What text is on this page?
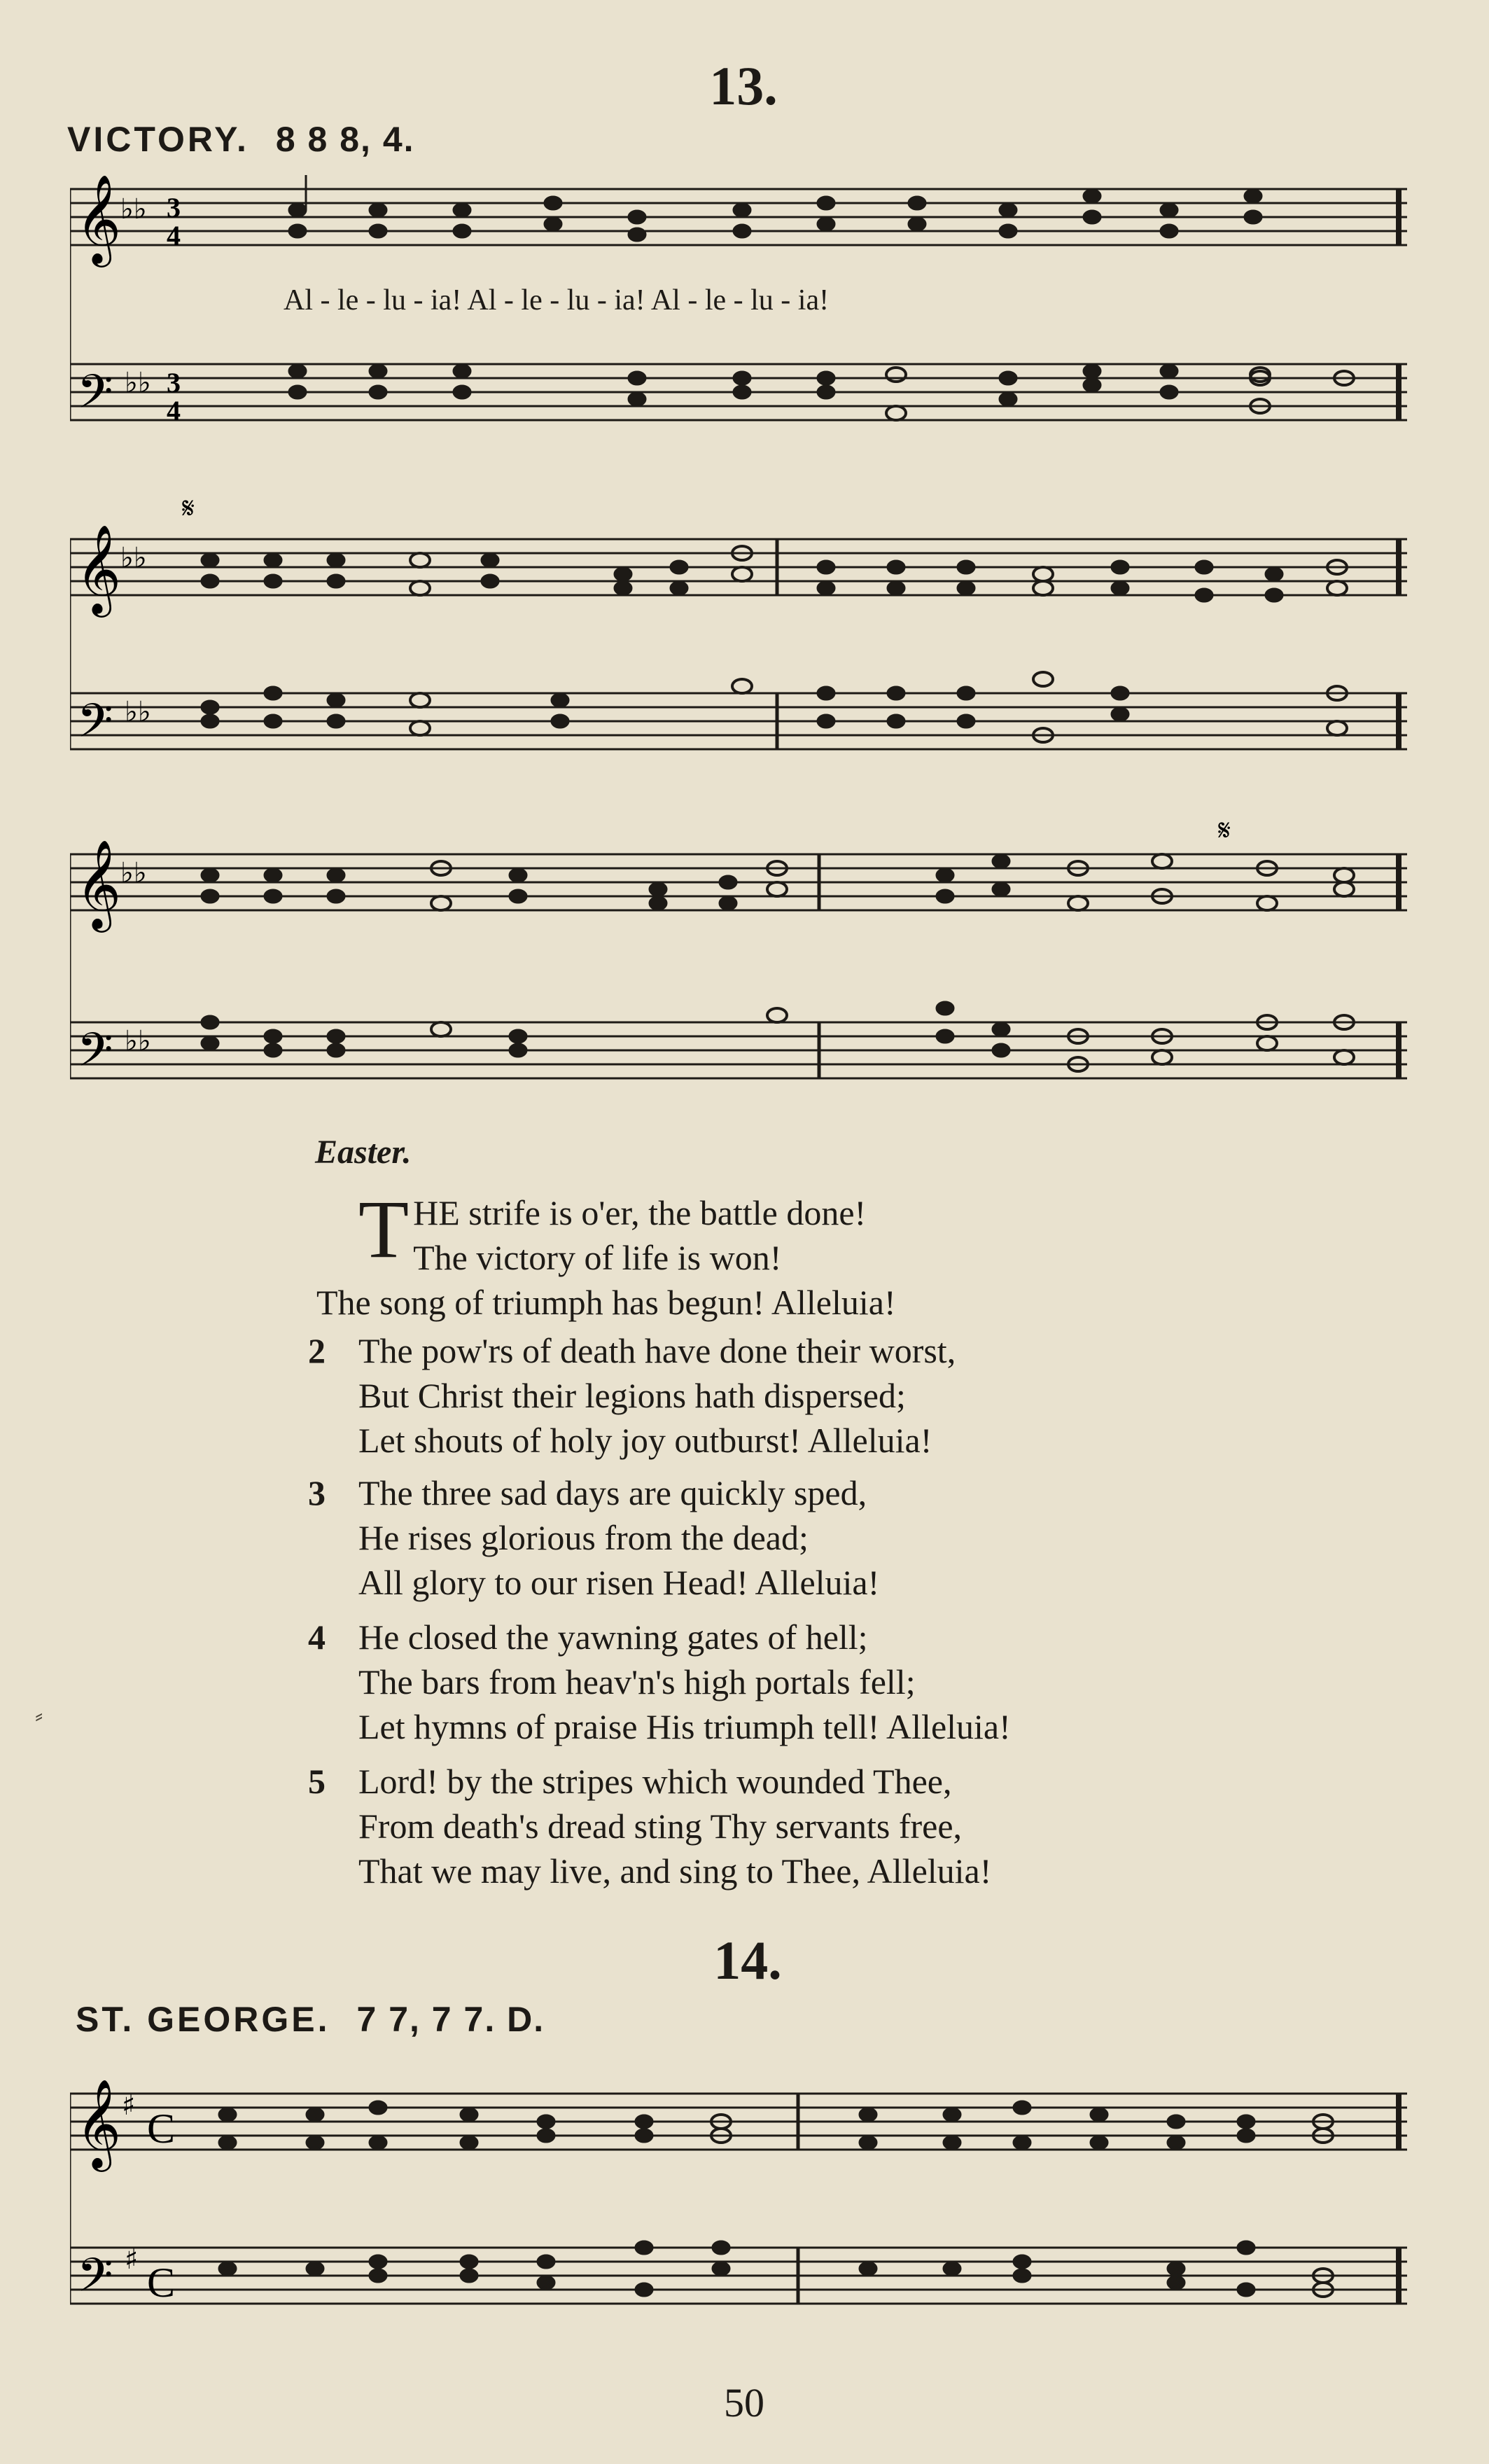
13.
VICTORY. 8 8 8, 4.
𝄞
𝄢
♭♭
♭♭
3
4
3
4
Al - le - lu - ia! Al - le - lu - ia! Al - le - lu - ia!
𝄞
𝄢
♭♭
♭♭
𝄋
𝄞
𝄢
♭♭
♭♭
𝄋
Easter.
THE strife is o'er, the battle done!
The victory of life is won!
The song of triumph has begun! Alleluia!
2 The pow'rs of death have done their worst,
But Christ their legions hath dispersed;
Let shouts of holy joy outburst! Alleluia!
3 The three sad days are quickly sped,
He rises glorious from the dead;
All glory to our risen Head! Alleluia!
4 He closed the yawning gates of hell;
The bars from heav'n's high portals fell;
Let hymns of praise His triumph tell! Alleluia!
5 Lord! by the stripes which wounded Thee,
From death's dread sting Thy servants free,
That we may live, and sing to Thee, Alleluia!
⸗
14.
ST. GEORGE. 7 7, 7 7. D.
𝄞
𝄢
♯
♯
C
C
50
